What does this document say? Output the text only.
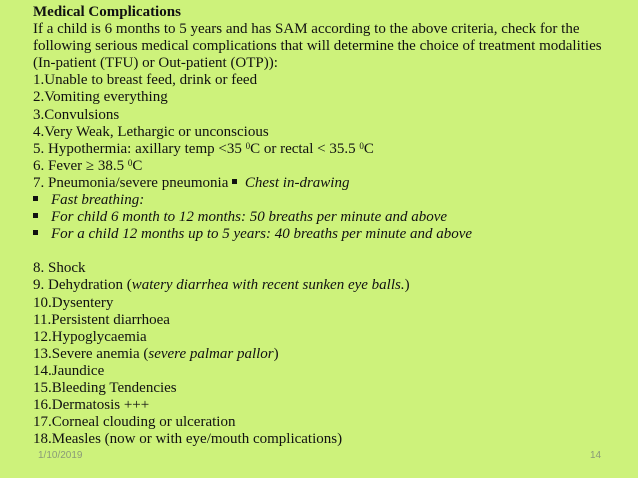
Medical Complications
If a child is 6 months to 5 years and has SAM according to the above criteria, check for the following serious medical complications that will determine the choice of treatment modalities (In-patient (TFU) or Out-patient (OTP)):
1.Unable to breast feed, drink or feed
2.Vomiting everything
3.Convulsions
4.Very Weak, Lethargic or unconscious
5. Hypothermia: axillary temp <35 $^0$C or rectal < 35.5 $^0$C
6. Fever ≥ 38.5 $^0$C
7. Pneumonia/severe pneumonia  Chest in-drawing
Fast breathing:
For child 6 month to 12 months: 50 breaths per minute and above
For a child 12 months up to 5 years: 40 breaths per minute and above
8. Shock
9. Dehydration (watery diarrhea with recent sunken eye balls.)
10.Dysentery
11.Persistent diarrhoea
12.Hypoglycaemia
13.Severe anemia (severe palmar pallor)
14.Jaundice
15.Bleeding Tendencies
16.Dermatosis +++
17.Corneal clouding or ulceration
18.Measles (now or with eye/mouth complications)
1/10/2019	14
